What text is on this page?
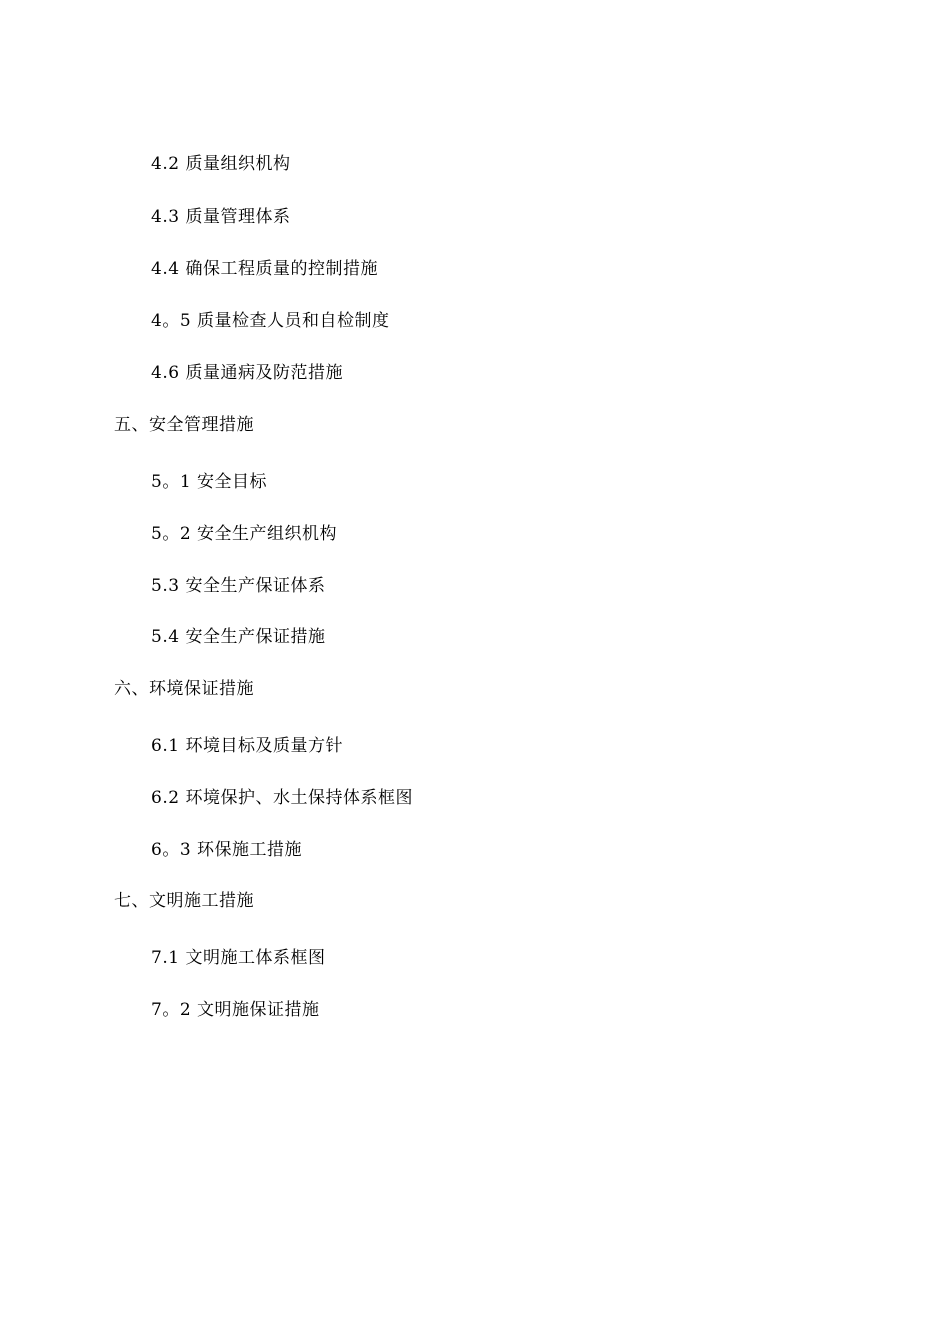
4.2 质量组织机构
4.3 质量管理体系
4.4 确保工程质量的控制措施
4。5 质量检查人员和自检制度
4.6 质量通病及防范措施
五、安全管理措施
5。1 安全目标
5。2 安全生产组织机构
5.3 安全生产保证体系
5.4 安全生产保证措施
六、环境保证措施
6.1 环境目标及质量方针
6.2 环境保护、水土保持体系框图
6。3 环保施工措施
七、文明施工措施
7.1 文明施工体系框图
7。2 文明施保证措施
